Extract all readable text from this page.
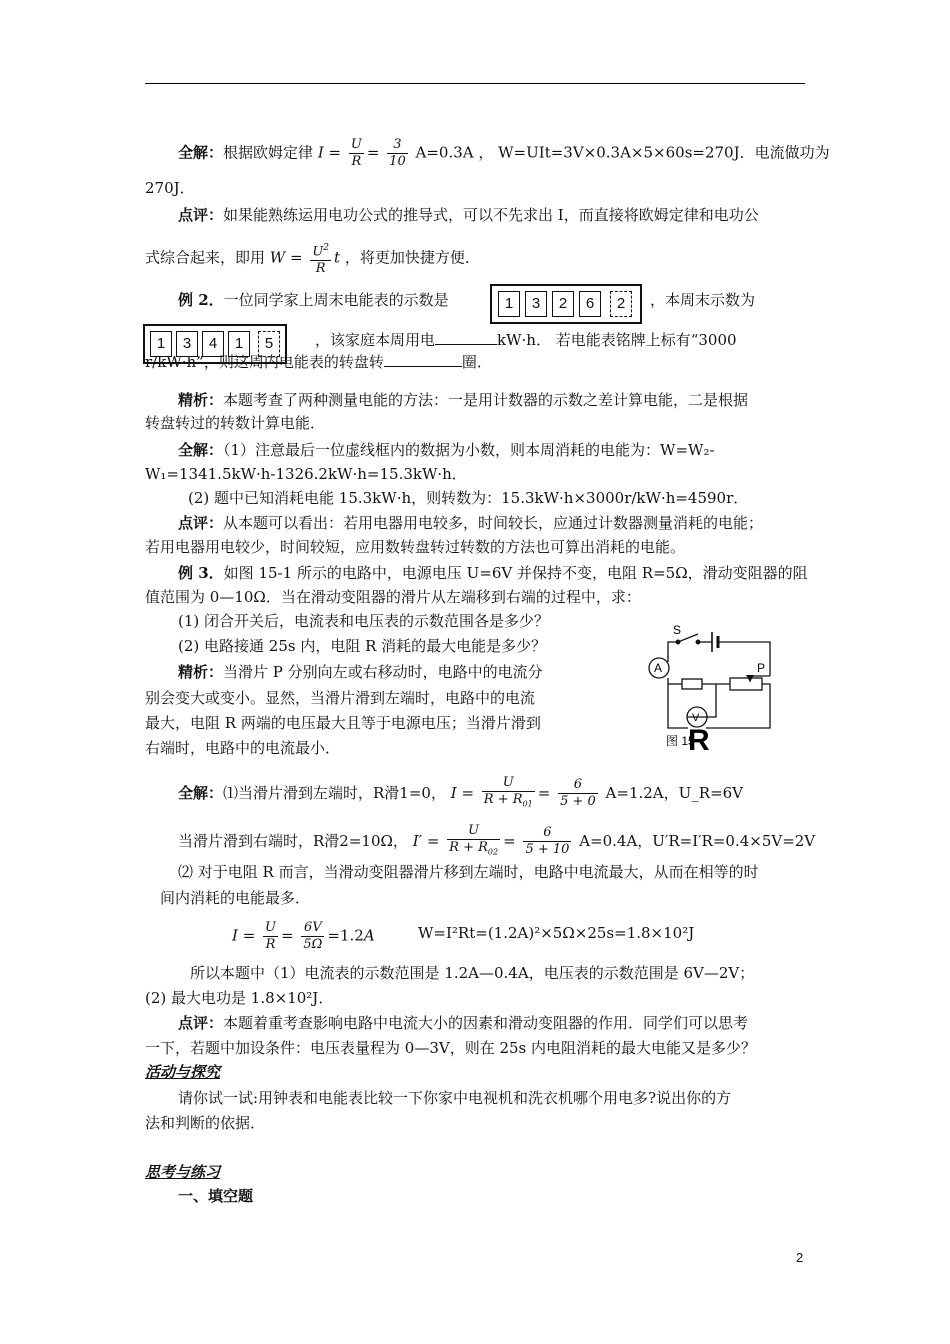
全解：根据欧姆定律 $I = \frac{U}{R} = \frac{3}{10} A=0.3A$ ， W=UIt=3V×0.3A×5×60s=270J．电流做功为
270J．
点评：如果能熟练运用电功公式的推导式，可以不先求出 I，而直接将欧姆定律和电功公
式综合起来，即用 $W = \frac{U^2}{R}$ t ，将更加快捷方便．
例 2．一位同学家上周末电能表的示数是	1	3	2	6	2	，本周末示数为
1	3	4	1	5	，该家庭本周用电	kW·h． 若电能表铭牌上标有“3000
r/kW·h”，则这周内电能表的转盘转	圈．
精析：本题考查了两种测量电能的方法：一是用计数器的示数之差计算电能，二是根据
转盘转过的转数计算电能．
全解：（1）注意最后一位虚线框内的数据为小数，则本周消耗的电能为：W=W₂-
W₁=1341.5kW·h-1326.2kW·h=15.3kW·h．
(2) 题中已知消耗电能 15.3kW·h，则转数为：15.3kW·h×3000r/kW·h=4590r．
点评：从本题可以看出：若用电器用电较多，时间较长，应通过计数器测量消耗的电能；
若用电器用电较少，时间较短，应用数转盘转过转数的方法也可算出消耗的电能。
例 3．如图 15-1 所示的电路中，电源电压 U=6V 并保持不变，电阻 R=5Ω，滑动变阻器的阻
值范围为 0—10Ω．当在滑动变阻器的滑片从左端移到右端的过程中，求：
(1) 闭合开关后，电流表和电压表的示数范围各是多少？
(2) 电路接通 25s 内，电阻 R 消耗的最大电能是多少？
精析：当滑片 P 分别向左或右移动时，电路中的电流分
别会变大或变小。显然，当滑片滑到左端时，电路中的电流
最大，电阻 R 两端的电压最大且等于电源电压；当滑片滑到
右端时，电路中的电流最小．
S
A	P
V
图 15
R
全解：⑴当滑片滑到左端时，R滑1=0， $I = \frac{U}{R + R_{01}} = \frac{6}{5 + 0} A=1.2A$，U_R=6V
当滑片滑到右端时，R滑2=10Ω， $I' = \frac{U}{R + R_{02}} = \frac{6}{5 + 10} A=0.4A$，U′R=I′R=0.4×5V=2V
⑵ 对于电阻 R 而言，当滑动变阻器滑片移到左端时，电路中电流最大，从而在相等的时
间内消耗的电能最多．
$I = \frac{U}{R} = \frac{6V}{5\Omega} =1.2A$	W=I²Rt=(1.2A)²×5Ω×25s=1.8×10²J
所以本题中（1）电流表的示数范围是 1.2A—0.4A，电压表的示数范围是 6V—2V；
(2) 最大电功是 1.8×10²J．
点评：本题着重考查影响电路中电流大小的因素和滑动变阻器的作用．同学们可以思考
一下，若题中加设条件：电压表量程为 0—3V，则在 25s 内电阻消耗的最大电能又是多少？
活动与探究
请你试一试:用钟表和电能表比较一下你家中电视机和洗衣机哪个用电多?说出你的方
法和判断的依据．
思考与练习
一、填空题
2
